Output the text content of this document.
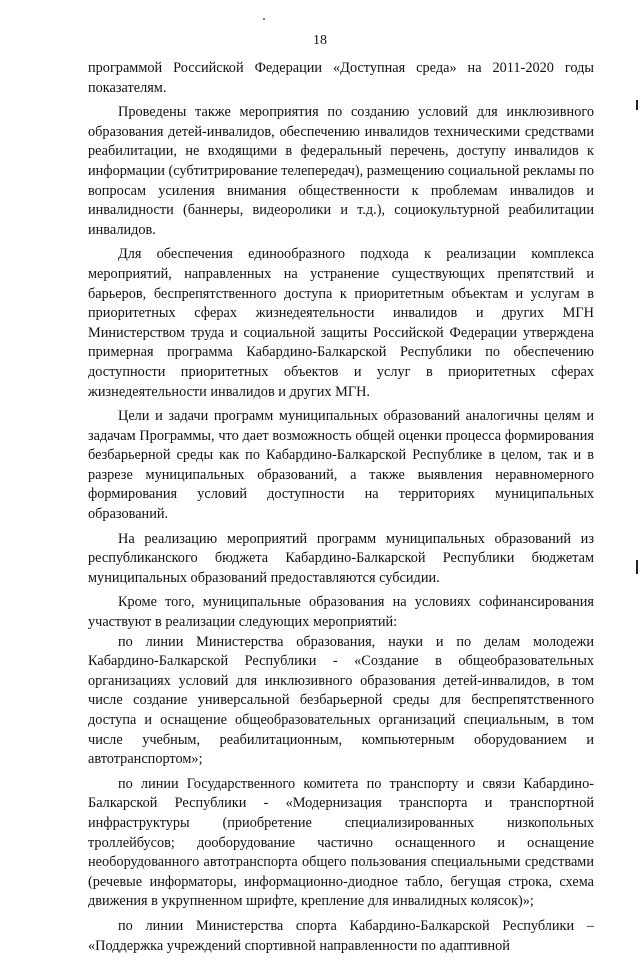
18

программой Российской Федерации «Доступная среда» на 2011-2020 годы показателям.

Проведены также мероприятия по созданию условий для инклюзивного образования детей-инвалидов, обеспечению инвалидов техническими средствами реабилитации, не входящими в федеральный перечень, доступу инвалидов к информации (субтитрирование телепередач), размещению социальной рекламы по вопросам усиления внимания общественности к проблемам инвалидов и инвалидности (баннеры, видеоролики и т.д.), социокультурной реабилитации инвалидов.

Для обеспечения единообразного подхода к реализации комплекса мероприятий, направленных на устранение существующих препятствий и барьеров, беспрепятственного доступа к приоритетным объектам и услугам в приоритетных сферах жизнедеятельности инвалидов и других МГН Министерством труда и социальной защиты Российской Федерации утверждена примерная программа Кабардино-Балкарской Республики по обеспечению доступности приоритетных объектов и услуг в приоритетных сферах жизнедеятельности инвалидов и других МГН.

Цели и задачи программ муниципальных образований аналогичны целям и задачам Программы, что дает возможность общей оценки процесса формирования безбарьерной среды как по Кабардино-Балкарской Республике в целом, так и в разрезе муниципальных образований, а также выявления неравномерного формирования условий доступности на территориях муниципальных образований.

На реализацию мероприятий программ муниципальных образований из республиканского бюджета Кабардино-Балкарской Республики бюджетам муниципальных образований предоставляются субсидии.

Кроме того, муниципальные образования на условиях софинансирования участвуют в реализации следующих мероприятий:

по линии Министерства образования, науки и по делам молодежи Кабардино-Балкарской Республики - «Создание в общеобразовательных организациях условий для инклюзивного образования детей-инвалидов, в том числе создание универсальной безбарьерной среды для беспрепятственного доступа и оснащение общеобразовательных организаций специальным, в том числе учебным, реабилитационным, компьютерным оборудованием и автотранспортом»;

по линии Государственного комитета по транспорту и связи Кабардино-Балкарской Республики - «Модернизация транспорта и транспортной инфраструктуры (приобретение специализированных низкопольных троллейбусов; дооборудование частично оснащенного и оснащение необорудованного автотранспорта общего пользования специальными средствами (речевые информаторы, информационно-диодное табло, бегущая строка, схема движения в укрупненном шрифте, крепление для инвалидных колясок)»;

по линии Министерства спорта Кабардино-Балкарской Республики – «Поддержка учреждений спортивной направленности по адаптивной
